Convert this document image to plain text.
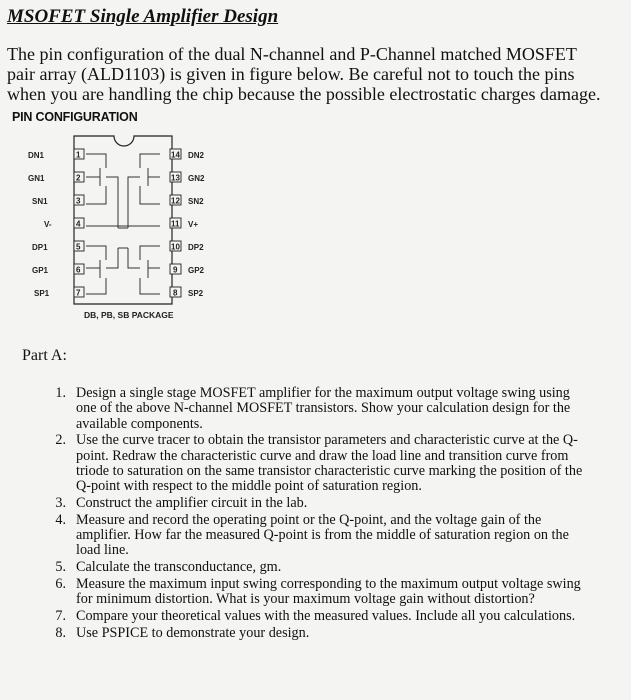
MSOFET Single Amplifier Design
The pin configuration of the dual N-channel and P-Channel matched MOSFET pair array (ALD1103) is given in figure below. Be careful not to touch the pins when you are handling the chip because the possible electrostatic charges damage.
PIN CONFIGURATION
DN1	1
GN1	2
SN1	3
V-	4
DP1	5
GP1	6
SP1	7
14 DN2
13 GN2
12 SN2
11 V+
10 DP2
9 GP2
8 SP2
DB, PB, SB PACKAGE
Part A:
1. Design a single stage MOSFET amplifier for the maximum output voltage swing using one of the above N-channel MOSFET transistors. Show your calculation design for the available components.
2. Use the curve tracer to obtain the transistor parameters and characteristic curve at the Q-point. Redraw the characteristic curve and draw the load line and transition curve from triode to saturation on the same transistor characteristic curve marking the position of the Q-point with respect to the middle point of saturation region.
3. Construct the amplifier circuit in the lab.
4. Measure and record the operating point or the Q-point, and the voltage gain of the amplifier. How far the measured Q-point is from the middle of saturation region on the load line.
5. Calculate the transconductance, gm.
6. Measure the maximum input swing corresponding to the maximum output voltage swing for minimum distortion. What is your maximum voltage gain without distortion?
7. Compare your theoretical values with the measured values. Include all you calculations.
8. Use PSPICE to demonstrate your design.
